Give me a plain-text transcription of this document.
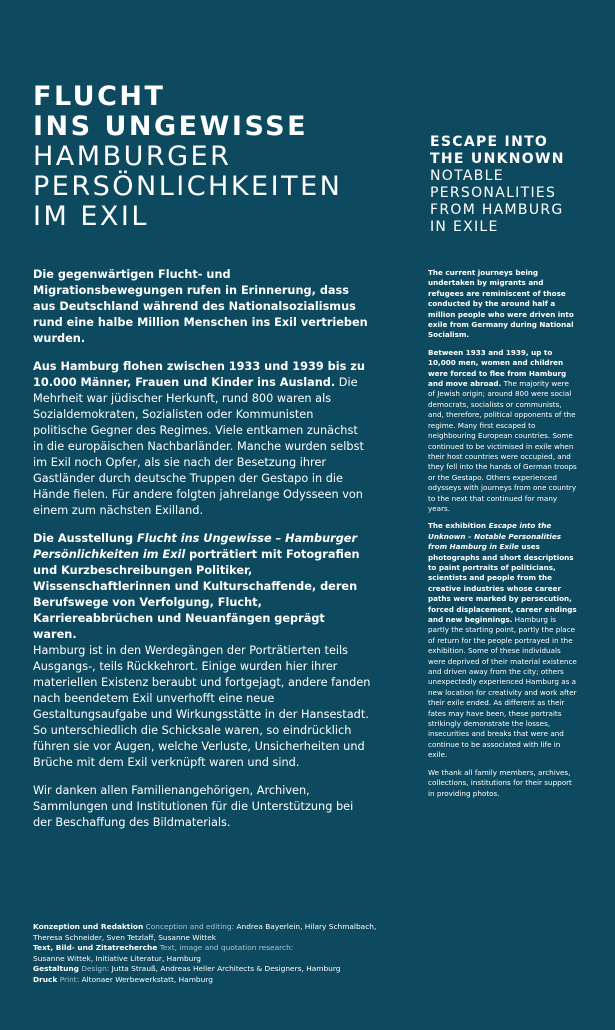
FLUCHT
INS UNGEWISSE
HAMBURGER
PERSÖNLICHKEITEN
IM EXIL
ESCAPE INTO
THE UNKNOWN
NOTABLE
PERSONALITIES
FROM HAMBURG
IN EXILE

Die gegenwärtigen Flucht- und Migrationsbewegungen rufen in Erinnerung, dass aus Deutschland während des Nationalsozialismus rund eine halbe Million Menschen ins Exil vertrieben wurden.

Aus Hamburg flohen zwischen 1933 und 1939 bis zu 10.000 Männer, Frauen und Kinder ins Ausland. Die Mehrheit war jüdischer Herkunft, rund 800 waren als Sozialdemokraten, Sozialisten oder Kommunisten politische Gegner des Regimes. Viele entkamen zunächst in die europäischen Nachbarländer. Manche wurden selbst im Exil noch Opfer, als sie nach der Besetzung ihrer Gastländer durch deutsche Truppen der Gestapo in die Hände fielen. Für andere folgten jahrelange Odysseen von einem zum nächsten Exilland.

Die Ausstellung Flucht ins Ungewisse – Hamburger Persönlichkeiten im Exil porträtiert mit Fotografien und Kurzbeschreibungen Politiker, Wissenschaftlerinnen und Kulturschaffende, deren Berufswege von Verfolgung, Flucht, Karriereabbrüchen und Neuanfängen geprägt waren.

Hamburg ist in den Werdegängen der Porträtierten teils Ausgangs-, teils Rückkehrort. Einige wurden hier ihrer materiellen Existenz beraubt und fortgejagt, andere fanden nach beendetem Exil unverhofft eine neue Gestaltungsaufgabe und Wirkungsstätte in der Hansestadt. So unterschiedlich die Schicksale waren, so eindrücklich führen sie vor Augen, welche Verluste, Unsicherheiten und Brüche mit dem Exil verknüpft waren und sind.

Wir danken allen Familienangehörigen, Archiven, Sammlungen und Institutionen für die Unterstützung bei der Beschaffung des Bildmaterials.

The current journeys being undertaken by migrants and refugees are reminiscent of those conducted by the around half a million people who were driven into exile from Germany during National Socialism.

Between 1933 and 1939, up to 10,000 men, women and children were forced to flee from Hamburg and move abroad. The majority were of Jewish origin; around 800 were social democrats, socialists or communists, and, therefore, political opponents of the regime. Many first escaped to neighbouring European countries. Some continued to be victimised in exile when their host countries were occupied, and they fell into the hands of German troops or the Gestapo. Others experienced odysseys with journeys from one country to the next that continued for many years.

The exhibition Escape into the Unknown – Notable Personalities from Hamburg in Exile uses photographs and short descriptions to paint portraits of politicians, scientists and people from the creative industries whose career paths were marked by persecution, forced displacement, career endings and new beginnings. Hamburg is partly the starting point, partly the place of return for the people portrayed in the exhibition. Some of these individuals were deprived of their material existence and driven away from the city; others unexpectedly experienced Hamburg as a new location for creativity and work after their exile ended. As different as their fates may have been, these portraits strikingly demonstrate the losses, insecurities and breaks that were and continue to be associated with life in exile.

We thank all family members, archives, collections, institutions for their support in providing photos.

Konzeption und Redaktion Conception and editing: Andrea Bayerlein, Hilary Schmalbach,
Theresa Schneider, Sven Tetzlaff, Susanne Wittek
Text, Bild- und Zitatrecherche Text, image and quotation research:
Susanne Wittek, Initiative Literatur, Hamburg
Gestaltung Design: Jutta Strauß, Andreas Heller Architects & Designers, Hamburg
Druck Print: Altonaer Werbewerkstatt, Hamburg
